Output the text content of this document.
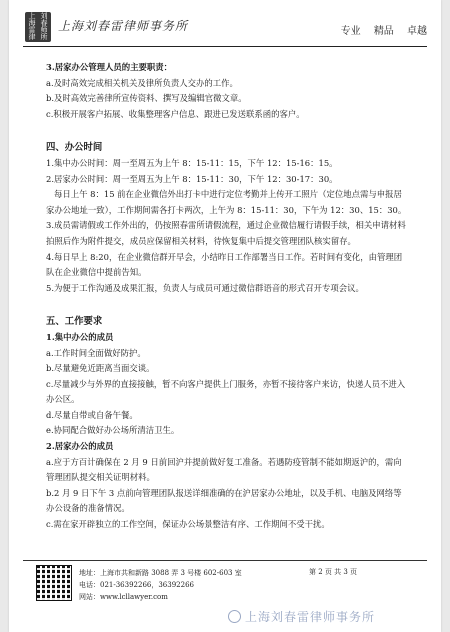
上海
刘春
雷律
师所
上海刘春雷律师事务所	专业 精品 卓越

3.居家办公管理人员的主要职责：

a.及时高效完成相关机关及律所负责人交办的工作。

b.及时高效完善律所宣传资料、撰写及编辑官微文章。

c.积极开展客户拓展、收集整理客户信息、跟进已发送联系函的客户。

四、办公时间

1.集中办公时间：周一至周五为上午 8：15-11：15，下午 12：15-16：15。

2.居家办公时间：周一至周五为上午 8：15-11：30，下午 12：30-17：30。

每日上午 8：15 前在企业微信外出打卡中进行定位考勤并上传开工照片（定位地点需与申报居家办公地址一致），工作期间需各打卡两次，上午为 8：15-11：30，下午为 12：30、15：30。

3.成员需请假或工作外出的，仍按照春雷所请假流程，通过企业微信履行请假手续，相关申请材料拍照后作为附件提交，成员应保留相关材料，待恢复集中后提交管理团队核实留存。

4.每日早上 8:20，在企业微信群开早会，小结昨日工作部署当日工作。若时间有变化，由管理团队在企业微信中提前告知。

5.为便于工作沟通及成果汇报，负责人与成员可通过微信群语音的形式召开专项会议。

五、工作要求

1.集中办公的成员

a.工作时间全面做好防护。

b.尽量避免近距离当面交谈。

c.尽量减少与外界的直接接触，暂不向客户提供上门服务，亦暂不接待客户来访，快递人员不进入办公区。

d.尽量自带或自备午餐。

e.协同配合做好办公场所清洁卫生。

2.居家办公的成员

a.应于方百计确保在 2 月 9 日前回沪并提前做好复工准备。若遇防疫管制不能如期返沪的，需向管理团队提交相关证明材料。

b.2 月 9 日下午 3 点前向管理团队报送详细准确的在沪居家办公地址，以及手机、电脑及网络等办公设备的准备情况。

c.需在家开辟独立的工作空间，保证办公场景整洁有序、工作期间不受干扰。

地址：上海市共和新路 3088 弄 3 号楼 602-603 室
电话：021-36392266，36392266
网站：www.lcllawyer.com
第 2 页 共 3 页
上海刘春雷律师事务所
